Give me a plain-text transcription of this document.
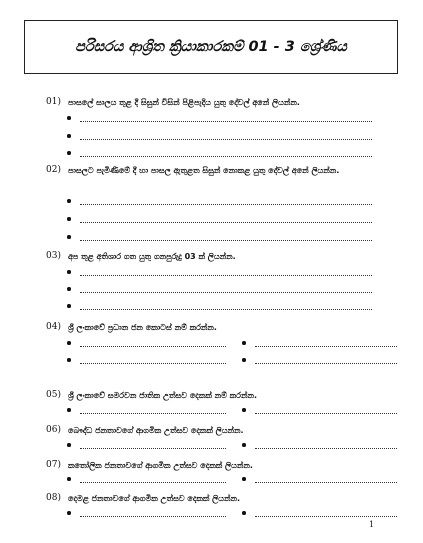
පරිසරය ආශ්‍රිත ක්‍රියාකාරකම් 01 - 3 ශ්‍රේණිය
01) පාසලේ සාලය තුළ දී සිසුන් විසින් පිළිපැදිය යුතු දේවල් අනේ ලියන්න.
02) පාසලට පැමිණීමේ දී හා පාසල ඇතුළත සිසුන් නොකළ යුතු දේවල් අනේ ලියන්න.
03) අප තුළ අතිශාර ගත යුතු ගනපුරුදු 03 ක් ලියන්න.
04) ශ්‍රී ලංකාවේ ප්‍රධාන ජන කොටස් නම් කරන්න.
05) ශ්‍රී ලංකාවේ සමරවන ජාතික උත්සව දෙකක් නම් කරන්න.
06) බෞද්ධ ජනතාවගේ ආගමික උත්සව දෙකක් ලියන්න.
07) කතෝලික ජනතාවගේ ආගමික උත්සව දෙකක් ලියන්න.
08) දෙමළ ජනතාවගේ ආගමික උත්සව දෙකක් ලියන්න.
1
